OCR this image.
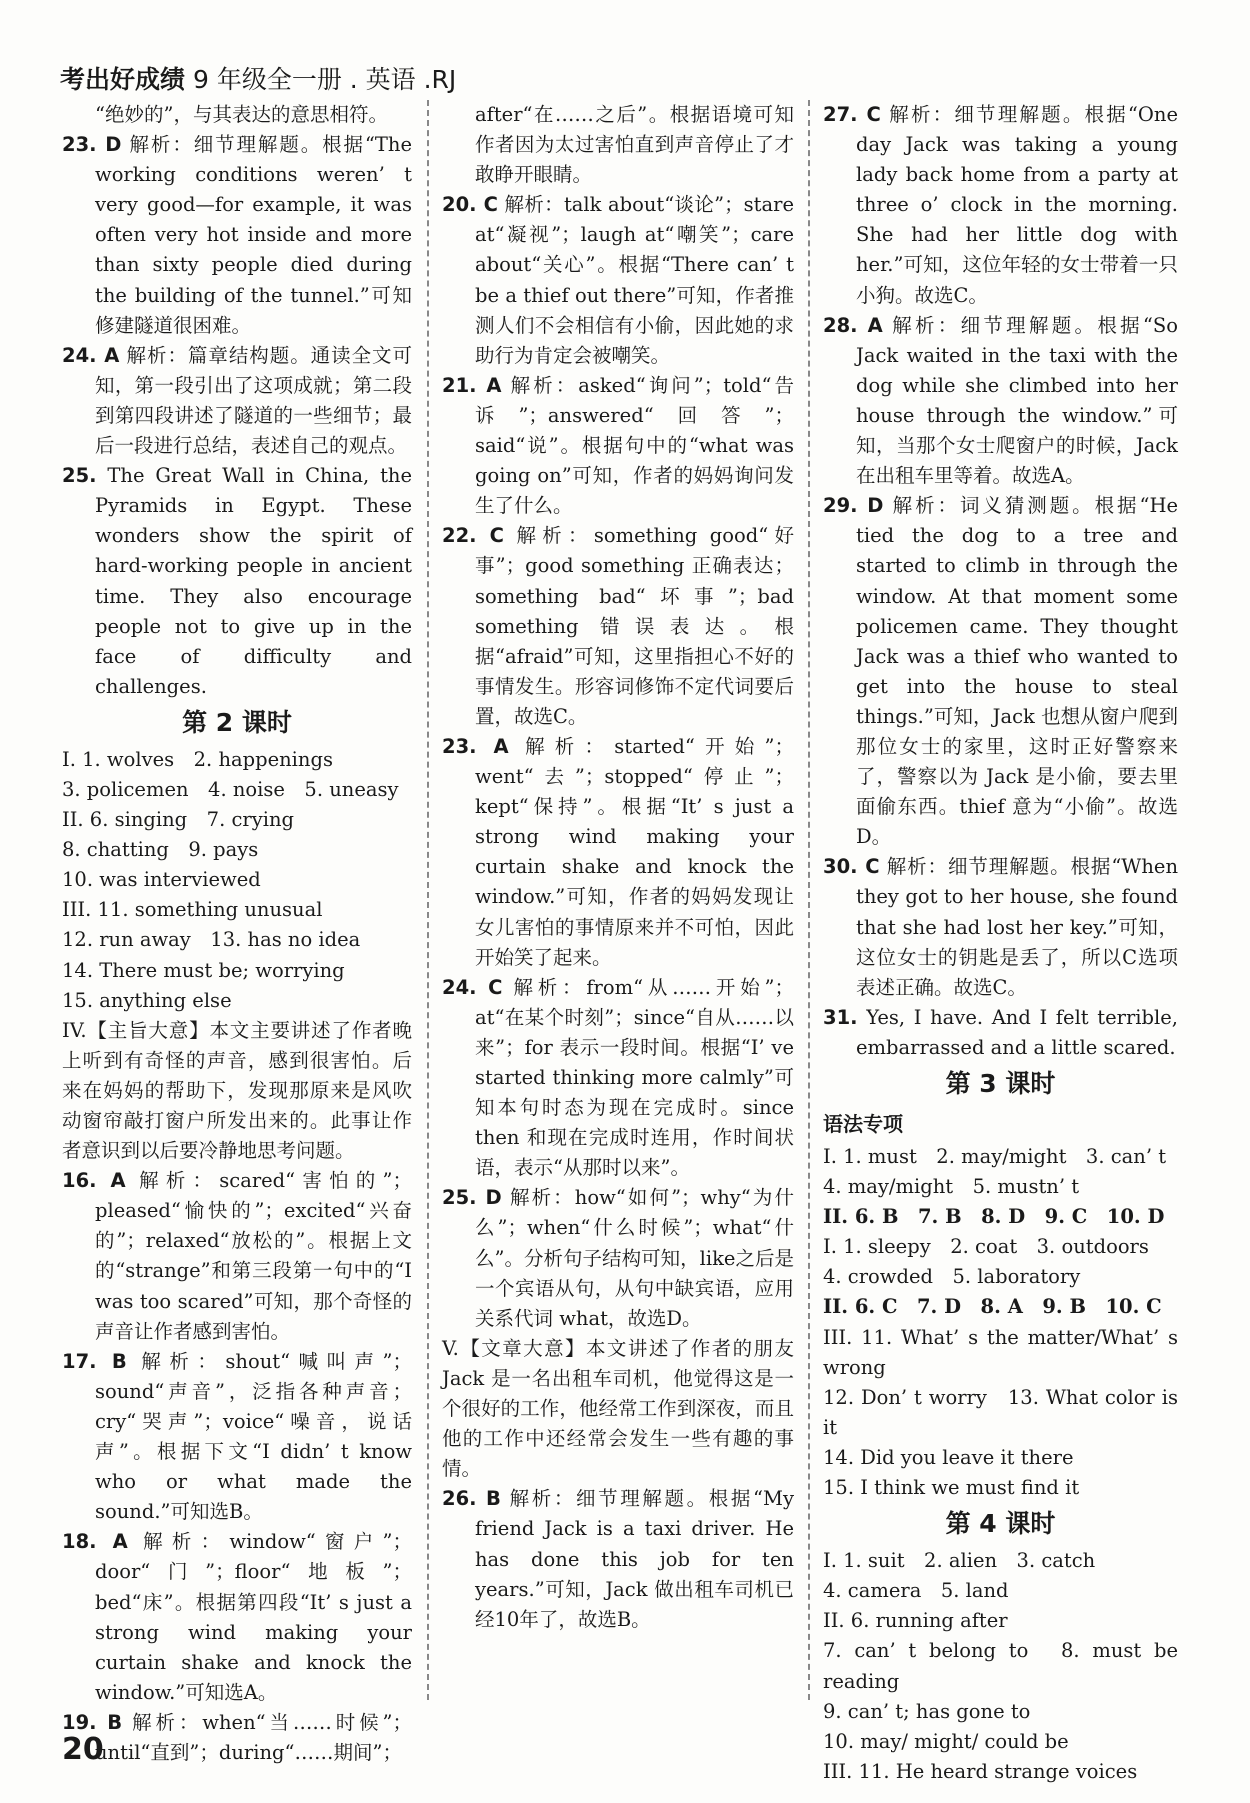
考出好成绩 9 年级全一册 . 英语 .RJ

“绝妙的”，与其表达的意思相符。

23. D 解析：细节理解题。根据“The working conditions weren’ t very good—for example, it was often very hot inside and more than sixty people died during the building of the tunnel.”可知修建隧道很困难。

24. A 解析：篇章结构题。通读全文可知，第一段引出了这项成就；第二段到第四段讲述了隧道的一些细节；最后一段进行总结，表述自己的观点。

25. The Great Wall in China, the Pyramids in Egypt. These wonders show the spirit of hard-working people in ancient time. They also encourage people not to give up in the face of difficulty and challenges.

第 2 课时

I. 1. wolves　2. happenings

3. policemen　4. noise　5. uneasy

II. 6. singing　7. crying

8. chatting　9. pays

10. was interviewed

III. 11. something unusual

12. run away　13. has no idea

14. There must be; worrying

15. anything else

IV.【主旨大意】本文主要讲述了作者晚上听到有奇怪的声音，感到很害怕。后来在妈妈的帮助下，发现那原来是风吹动窗帘敲打窗户所发出来的。此事让作者意识到以后要冷静地思考问题。

16. A 解析：scared“害怕的”；pleased“愉快的”；excited“兴奋的”；relaxed“放松的”。根据上文的“strange”和第三段第一句中的“I was too scared”可知，那个奇怪的声音让作者感到害怕。

17. B 解析：shout“喊叫声”；sound“声音”，泛指各种声音；cry“哭声”；voice“噪音，说话声”。根据下文“I didn’ t know who or what made the sound.”可知选B。

18. A 解析：window“窗户”；door“门”；floor“地板”；bed“床”。根据第四段“It’ s just a strong wind making your curtain shake and knock the window.”可知选A。

19. B 解析：when“当……时候”；until“直到”；during“……期间”；

after“在……之后”。根据语境可知作者因为太过害怕直到声音停止了才敢睁开眼睛。

20. C 解析：talk about“谈论”；stare at“凝视”；laugh at“嘲笑”；care about“关心”。根据“There can’ t be a thief out there”可知，作者推测人们不会相信有小偷，因此她的求助行为肯定会被嘲笑。

21. A 解析：asked“询问”；told“告诉”；answered“回答”；said“说”。根据句中的“what was going on”可知，作者的妈妈询问发生了什么。

22. C 解析：something good“好事”；good something 正确表达；something bad“坏事”；bad something 错误表达。根据“afraid”可知，这里指担心不好的事情发生。形容词修饰不定代词要后置，故选C。

23. A 解析：started“开始”；went“去”；stopped“停止”；kept“保持”。根据“It’ s just a strong wind making your curtain shake and knock the window.”可知，作者的妈妈发现让女儿害怕的事情原来并不可怕，因此开始笑了起来。

24. C 解析：from“从……开始”；at“在某个时刻”；since“自从……以来”；for 表示一段时间。根据“I’ ve started thinking more calmly”可知本句时态为现在完成时。since then 和现在完成时连用，作时间状语，表示“从那时以来”。

25. D 解析：how“如何”；why“为什么”；when“什么时候”；what“什么”。分析句子结构可知，like之后是一个宾语从句，从句中缺宾语，应用关系代词 what，故选D。

V.【文章大意】本文讲述了作者的朋友 Jack 是一名出租车司机，他觉得这是一个很好的工作，他经常工作到深夜，而且他的工作中还经常会发生一些有趣的事情。

26. B 解析：细节理解题。根据“My friend Jack is a taxi driver. He has done this job for ten years.”可知，Jack 做出租车司机已经10年了，故选B。

27. C 解析：细节理解题。根据“One day Jack was taking a young lady back home from a party at three o’ clock in the morning. She had her little dog with her.”可知，这位年轻的女士带着一只小狗。故选C。

28. A 解析：细节理解题。根据“So Jack waited in the taxi with the dog while she climbed into her house through the window.”可知，当那个女士爬窗户的时候，Jack 在出租车里等着。故选A。

29. D 解析：词义猜测题。根据“He tied the dog to a tree and started to climb in through the window. At that moment some policemen came. They thought Jack was a thief who wanted to get into the house to steal things.”可知，Jack 也想从窗户爬到那位女士的家里，这时正好警察来了，警察以为 Jack 是小偷，要去里面偷东西。thief 意为“小偷”。故选D。

30. C 解析：细节理解题。根据“When they got to her house, she found that she had lost her key.”可知，这位女士的钥匙是丢了，所以C选项表述正确。故选C。

31. Yes, I have. And I felt terrible, embarrassed and a little scared.

第 3 课时
语法专项

I. 1. must　2. may/might　3. can’ t

4. may/might　5. mustn’ t

II. 6. B　7. B　8. D　9. C　10. D

I. 1. sleepy　2. coat　3. outdoors

4. crowded　5. laboratory

II. 6. C　7. D　8. A　9. B　10. C

III. 11. What’ s the matter/What’ s wrong

12. Don’ t worry　13. What color is it

14. Did you leave it there

15. I think we must find it

第 4 课时

I. 1. suit　2. alien　3. catch

4. camera　5. land

II. 6. running after

7. can’ t belong to　8. must be reading

9. can’ t; has gone to

10. may/ might/ could be

III. 11. He heard strange voices

20
